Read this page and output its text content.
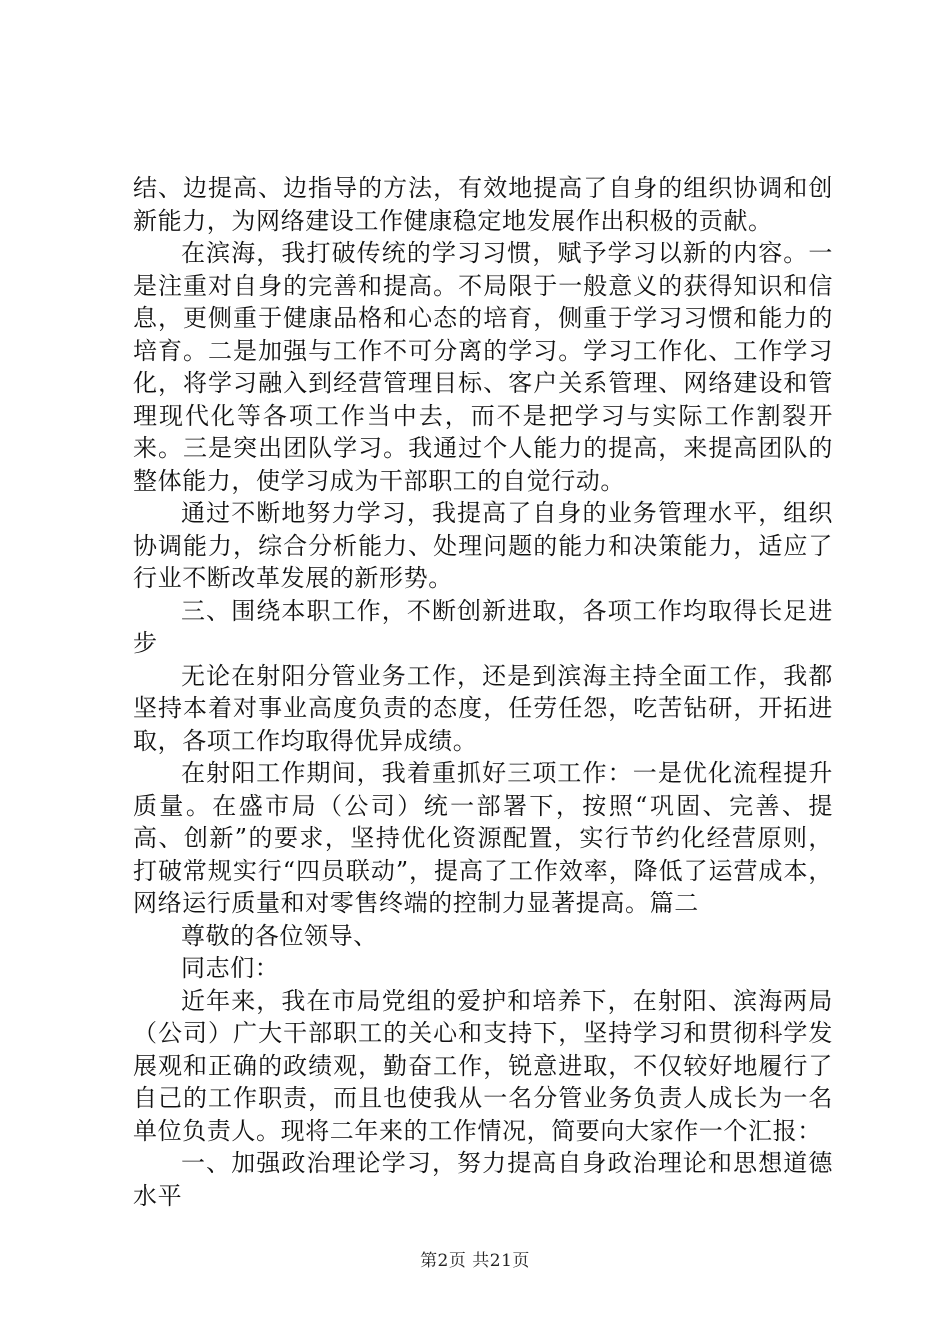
结、边提高、边指导的方法，有效地提高了自身的组织协调和创新能力，为网络建设工作健康稳定地发展作出积极的贡献。

在滨海，我打破传统的学习习惯，赋予学习以新的内容。一是注重对自身的完善和提高。不局限于一般意义的获得知识和信息，更侧重于健康品格和心态的培育，侧重于学习习惯和能力的培育。二是加强与工作不可分离的学习。学习工作化、工作学习化，将学习融入到经营管理目标、客户关系管理、网络建设和管理现代化等各项工作当中去，而不是把学习与实际工作割裂开来。三是突出团队学习。我通过个人能力的提高，来提高团队的整体能力，使学习成为干部职工的自觉行动。

通过不断地努力学习，我提高了自身的业务管理水平，组织协调能力，综合分析能力、处理问题的能力和决策能力，适应了行业不断改革发展的新形势。

三、围绕本职工作，不断创新进取，各项工作均取得长足进步

无论在射阳分管业务工作，还是到滨海主持全面工作，我都坚持本着对事业高度负责的态度，任劳任怨，吃苦钻研，开拓进取，各项工作均取得优异成绩。

在射阳工作期间，我着重抓好三项工作：一是优化流程提升质量。在盛市局（公司）统一部署下，按照“巩固、完善、提高、创新”的要求，坚持优化资源配置，实行节约化经营原则，打破常规实行“四员联动”，提高了工作效率，降低了运营成本，网络运行质量和对零售终端的控制力显著提高。篇二

尊敬的各位领导、

同志们：

近年来，我在市局党组的爱护和培养下，在射阳、滨海两局（公司）广大干部职工的关心和支持下，坚持学习和贯彻科学发展观和正确的政绩观，勤奋工作，锐意进取，不仅较好地履行了自己的工作职责，而且也使我从一名分管业务负责人成长为一名单位负责人。现将二年来的工作情况，简要向大家作一个汇报：

一、加强政治理论学习，努力提高自身政治理论和思想道德水平

第2页 共21页
